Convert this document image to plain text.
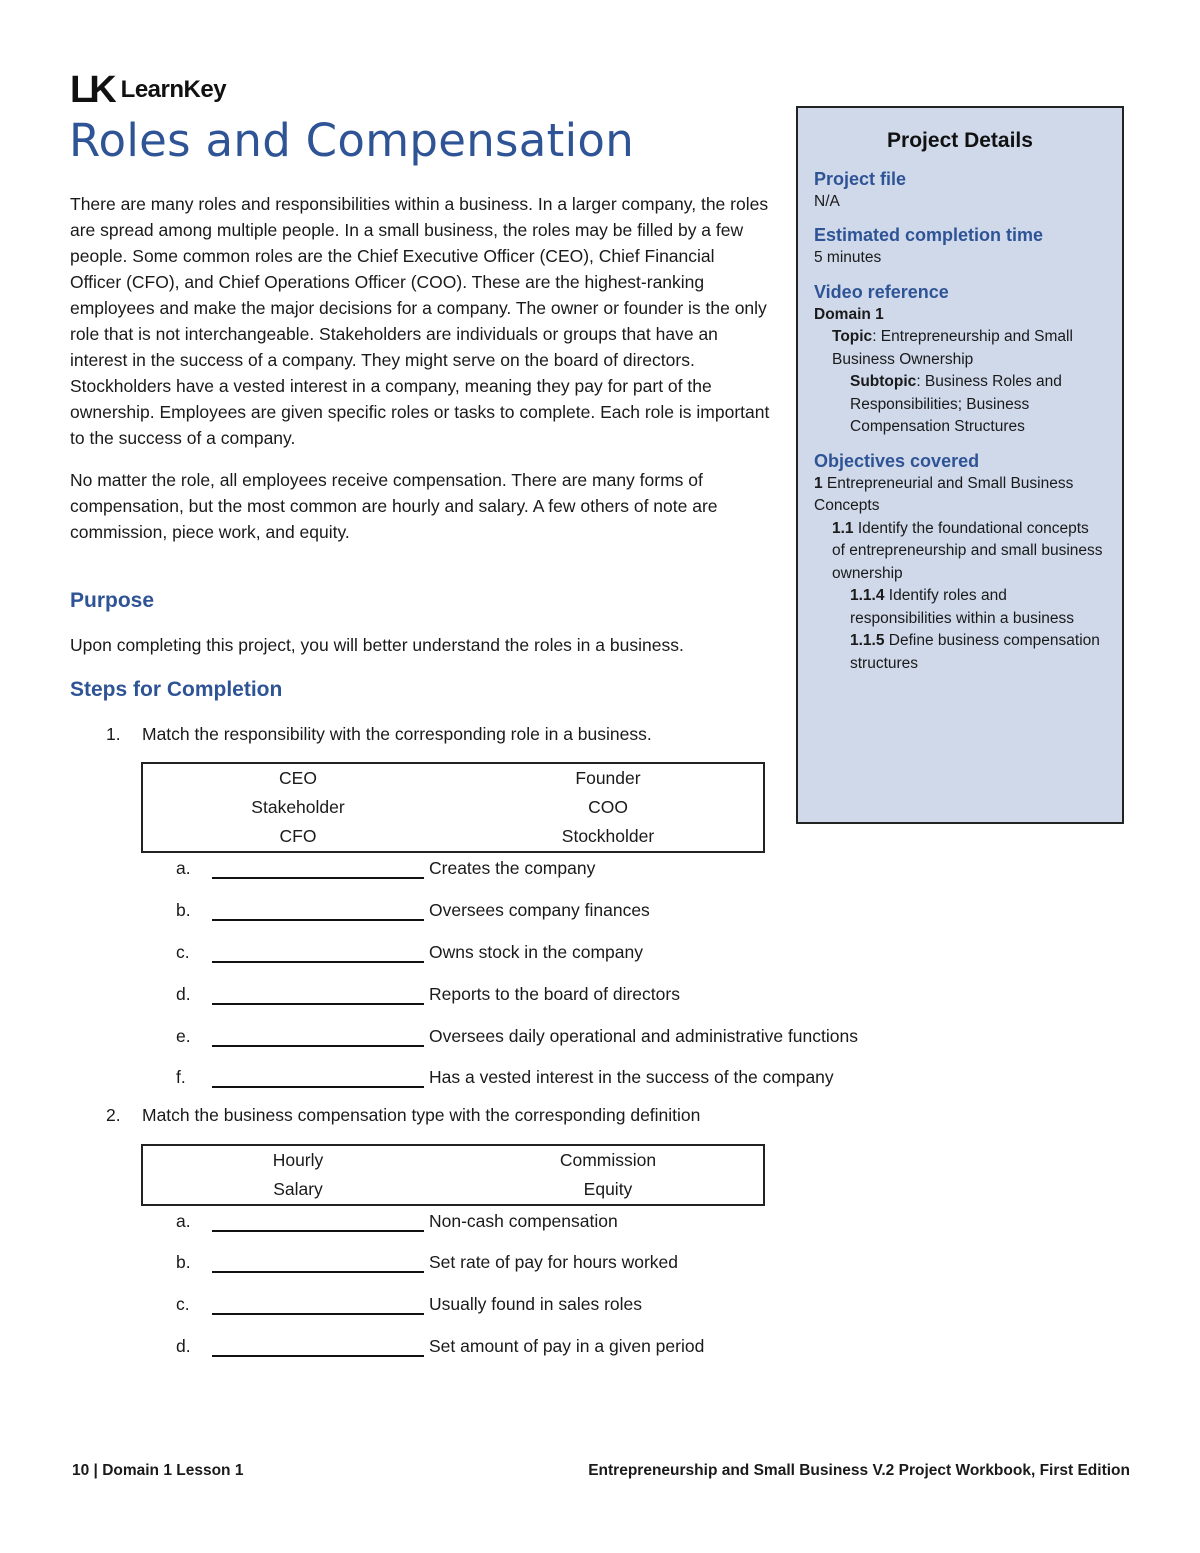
LK LearnKey
Roles and Compensation

There are many roles and responsibilities within a business. In a larger company, the roles are spread among multiple people. In a small business, the roles may be filled by a few people. Some common roles are the Chief Executive Officer (CEO), Chief Financial Officer (CFO), and Chief Operations Officer (COO). These are the highest-ranking employees and make the major decisions for a company. The owner or founder is the only role that is not interchangeable. Stakeholders are individuals or groups that have an interest in the success of a company. They might serve on the board of directors. Stockholders have a vested interest in a company, meaning they pay for part of the ownership. Employees are given specific roles or tasks to complete. Each role is important to the success of a company.

No matter the role, all employees receive compensation. There are many forms of compensation, but the most common are hourly and salary. A few others of note are commission, piece work, and equity.

Purpose
Upon completing this project, you will better understand the roles in a business.
Steps for Completion
1. Match the responsibility with the corresponding role in a business.
CEO	Founder
Stakeholder	COO
CFO	Stockholder
a.	Creates the company
b.	Oversees company finances
c.	Owns stock in the company
d.	Reports to the board of directors
e.	Oversees daily operational and administrative functions
f.	Has a vested interest in the success of the company
2. Match the business compensation type with the corresponding definition
Hourly	Commission
Salary	Equity
a.	Non-cash compensation
b.	Set rate of pay for hours worked
c.	Usually found in sales roles
d.	Set amount of pay in a given period
Project Details
Project file
N/A
Estimated completion time
5 minutes
Video reference
Domain 1
Topic: Entrepreneurship and Small Business Ownership
Subtopic: Business Roles and Responsibilities; Business Compensation Structures
Objectives covered
1 Entrepreneurial and Small Business Concepts
1.1 Identify the foundational concepts of entrepreneurship and small business ownership
1.1.4 Identify roles and responsibilities within a business
1.1.5 Define business compensation structures
10 | Domain 1 Lesson 1	Entrepreneurship and Small Business V.2 Project Workbook, First Edition
